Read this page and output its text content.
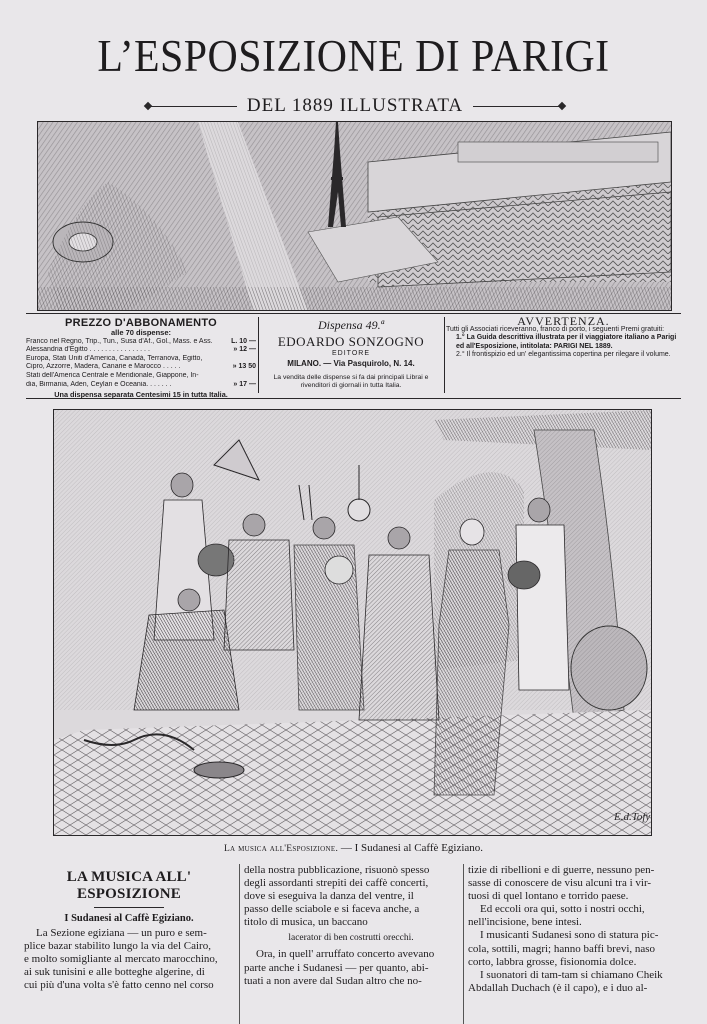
L’ESPOSIZIONE DI PARIGI
DEL 1889 ILLUSTRATA
PREZZO D'ABBONAMENTO
alle 70 dispense:
Franco nel Regno, Trip., Tun., Susa d'Af., Gol., Mass. e Ass.	L. 10 —
Alessandria d'Egitto . . . . . . . . . . . . . . . .	» 12 —
Europa, Stati Uniti d'America, Canadà, Terranova, Egitto,
Cipro, Azzorre, Madera, Canarie e Marocco . . . . .	» 13 50
Stati dell'America Centrale e Meridionale, Giappone, In-
dia, Birmania, Aden, Ceylan e Oceania. . . . . . .	» 17 —
Una dispensa separata Centesimi 15 in tutta Italia.
Dispensa 49.ª
EDOARDO SONZOGNO
EDITORE
MILANO. — Via Pasquirolo, N. 14.
La vendita delle dispense si fa dai principali Librai e rivenditori di giornali in tutta Italia.
AVVERTENZA.

Tutti gli Associati riceveranno, franco di porto, i seguenti Premi gratuiti:

1.° La Guida descrittiva illustrata per il viaggiatore italiano a Parigi ed all'Esposizione, intitolata: PARIGI NEL 1889.

2.° Il frontispizio ed un' elegantissima copertina per rilegare il volume.

E.d.Tofy
La musica all'Esposizione. — I Sudanesi al Caffè Egiziano.
LA MUSICA ALL' ESPOSIZIONE
I Sudanesi al Caffè Egiziano.

La Sezione egiziana — un puro e sem-
plice bazar stabilito lungo la via del Cairo,
e molto somigliante al mercato marocchino,
ai suk tunisini e alle botteghe algerine, di
cui più d'una volta s'è fatto cenno nel corso

della nostra pubblicazione, risuonò spesso
degli assordanti strepiti dei caffè concerti,
dove si eseguiva la danza del ventre, il
passo delle sciabole e si faceva anche, a
titolo di musica, un baccano

lacerator di ben costrutti orecchi.

Ora, in quell' arruffato concerto avevano
parte anche i Sudanesi — per quanto, abi-
tuati a non avere dal Sudan altro che no-

tizie di ribellioni e di guerre, nessuno pen-
sasse di conoscere de visu alcuni tra i vir-
tuosi di quel lontano e torrido paese.
Ed eccoli ora qui, sotto i nostri occhi,
nell'incisione, bene intesi.
I musicanti Sudanesi sono di statura pic-
cola, sottili, magri; hanno baffi brevi, naso
corto, labbra grosse, fisionomia dolce.
I suonatori di tam-tam si chiamano Cheik
Abdallah Duchach (è il capo), e i duo al-
